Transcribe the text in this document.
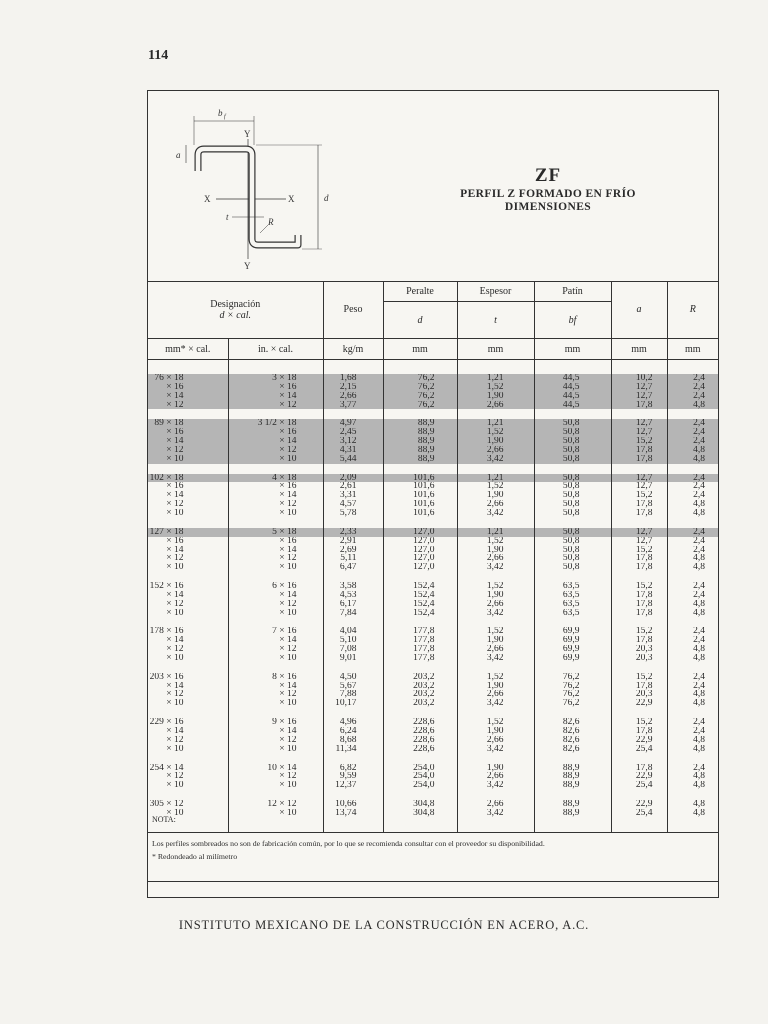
114
b f
a
d
t	R
Y
Y
X	X
ZF
PERFIL Z FORMADO EN FRÍO
DIMENSIONES
Designación
d × cal.		Peso	Peralte	Espesor	Patín	a	R
			d	t	bf		
mm* × cal.	in. × cal.	kg/m	mm	mm	mm	mm	mm

76 × 18	3 × 18	1,68	76,2	1,21	44,5	10,2	2,4
× 16	× 16	2,15	76,2	1,52	44,5	12,7	2,4
× 14	× 14	2,66	76,2	1,90	44,5	12,7	2,4
× 12	× 12	3,77	76,2	2,66	44,5	17,8	4,8

89 × 18	3 1/2 × 18	4,97	88,9	1,21	50,8	12,7	2,4
× 16	× 16	2,45	88,9	1,52	50,8	12,7	2,4
× 14	× 14	3,12	88,9	1,90	50,8	15,2	2,4
× 12	× 12	4,31	88,9	2,66	50,8	17,8	4,8
× 10	× 10	5,44	88,9	3,42	50,8	17,8	4,8

102 × 18	4 × 18	2,09	101,6	1,21	50,8	12,7	2,4
× 16	× 16	2,61	101,6	1,52	50,8	12,7	2,4
× 14	× 14	3,31	101,6	1,90	50,8	15,2	2,4
× 12	× 12	4,57	101,6	2,66	50,8	17,8	4,8
× 10	× 10	5,78	101,6	3,42	50,8	17,8	4,8

127 × 18	5 × 18	2,33	127,0	1,21	50,8	12,7	2,4
× 16	× 16	2,91	127,0	1,52	50,8	12,7	2,4
× 14	× 14	2,69	127,0	1,90	50,8	15,2	2,4
× 12	× 12	5,11	127,0	2,66	50,8	17,8	4,8
× 10	× 10	6,47	127,0	3,42	50,8	17,8	4,8

152 × 16	6 × 16	3,58	152,4	1,52	63,5	15,2	2,4
× 14	× 14	4,53	152,4	1,90	63,5	17,8	2,4
× 12	× 12	6,17	152,4	2,66	63,5	17,8	4,8
× 10	× 10	7,84	152,4	3,42	63,5	17,8	4,8

178 × 16	7 × 16	4,04	177,8	1,52	69,9	15,2	2,4
× 14	× 14	5,10	177,8	1,90	69,9	17,8	2,4
× 12	× 12	7,08	177,8	2,66	69,9	20,3	4,8
× 10	× 10	9,01	177,8	3,42	69,9	20,3	4,8

203 × 16	8 × 16	4,50	203,2	1,52	76,2	15,2	2,4
× 14	× 14	5,67	203,2	1,90	76,2	17,8	2,4
× 12	× 12	7,88	203,2	2,66	76,2	20,3	4,8
× 10	× 10	10,17	203,2	3,42	76,2	22,9	4,8

229 × 16	9 × 16	4,96	228,6	1,52	82,6	15,2	2,4
× 14	× 14	6,24	228,6	1,90	82,6	17,8	2,4
× 12	× 12	8,68	228,6	2,66	82,6	22,9	4,8
× 10	× 10	11,34	228,6	3,42	82,6	25,4	4,8

254 × 14	10 × 14	6,82	254,0	1,90	88,9	17,8	2,4
× 12	× 12	9,59	254,0	2,66	88,9	22,9	4,8
× 10	× 10	12,37	254,0	3,42	88,9	25,4	4,8

305 × 12	12 × 12	10,66	304,8	2,66	88,9	22,9	4,8
× 10	× 10	13,74	304,8	3,42	88,9	25,4	4,8

NOTA:
Los perfiles sombreados no son de fabricación común, por lo que se recomienda consultar con el proveedor su disponibilidad.
* Redondeado al milímetro
INSTITUTO MEXICANO DE LA CONSTRUCCIÓN EN ACERO, A.C.
